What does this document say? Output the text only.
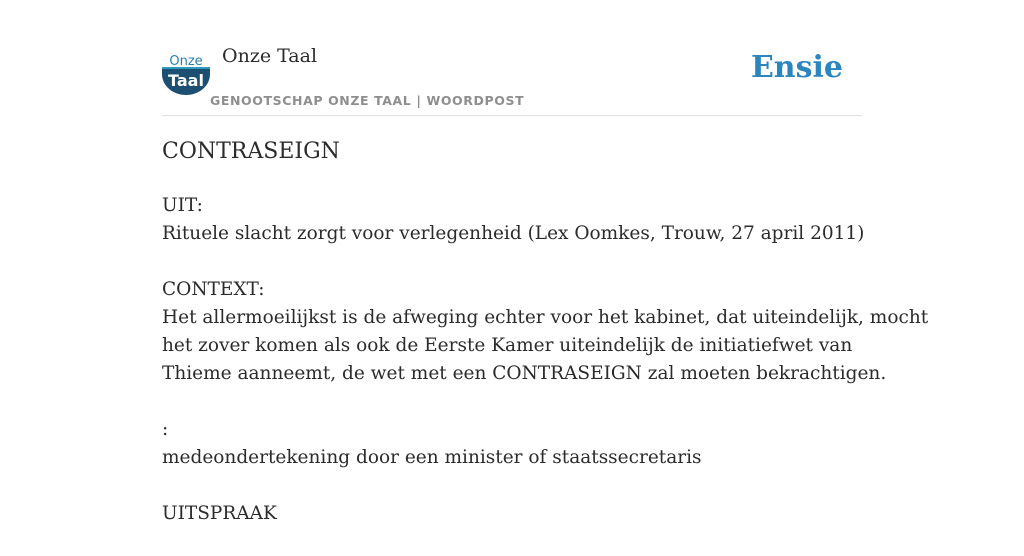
Onze
Taal
Onze Taal
GENOOTSCHAP ONZE TAAL | WOORDPOST
Ensie
CONTRASEIGN
UIT:
Rituele slacht zorgt voor verlegenheid (Lex Oomkes, Trouw, 27 april 2011)
CONTEXT:
Het allermoeilijkst is de afweging echter voor het kabinet, dat uiteindelijk, mocht
het zover komen als ook de Eerste Kamer uiteindelijk de initiatiefwet van
Thieme aanneemt, de wet met een CONTRASEIGN zal moeten bekrachtigen.
:
medeondertekening door een minister of staatssecretaris
UITSPRAAK
